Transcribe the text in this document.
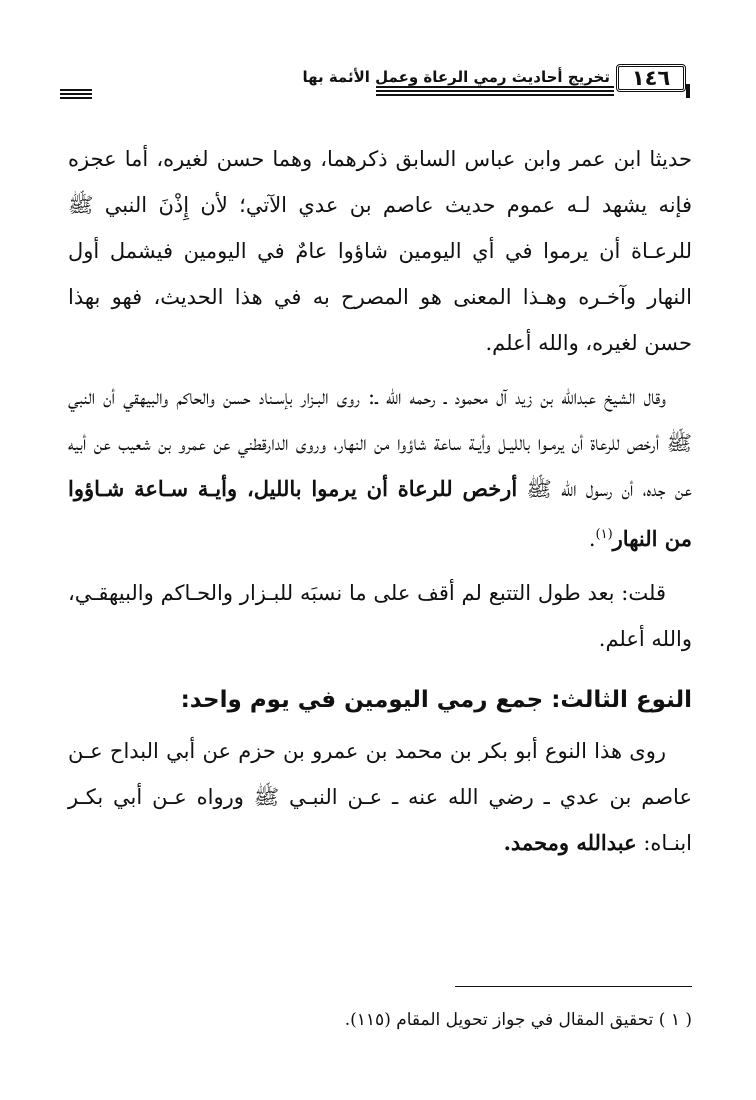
تخريج أحاديث رمي الرعاة وعمل الأئمة بها ١٤٦

حديثا ابن عمر وابن عباس السابق ذكرهما، وهما حسن لغيره، أما عجزه فإنه يشهد لـه عموم حديث عاصم بن عدي الآتي؛ لأن إِذْنَ النبي ﷺ للرعـاة أن يرموا في أي اليومين شاؤوا عامٌ في اليومين فيشمل أول النهار وآخـره وهـذا المعنى هو المصرح به في هذا الحديث، فهو بهذا حسن لغيره، والله أعلم.

وقال الشيخ عبدالله بن زيد آل محمود ـ رحمه الله ـ: روى البـزار بإسـناد حسن والحاكم والبيهقي أن النبي ﷺ أرخص للرعاة أن يرمـوا بالليـل وأيـة ساعة شاؤوا من النهار، وروى الدارقطني عن عمرو بن شعيب عن أبيه عن جده، أن رسول الله ﷺ أرخص للرعاة أن يرموا بالليل، وأيـة سـاعة شـاؤوا من النهار$^{(١)}$.

قلت: بعد طول التتبع لم أقف على ما نسبَه للبـزار والحـاكم والبيهقـي، والله أعلم.

النوع الثالث: جمع رمي اليومين في يوم واحد:

روى هذا النوع أبو بكر بن محمد بن عمرو بن حزم عن أبي البداح عـن عاصم بن عدي ـ رضي الله عنه ـ عـن النبـي ﷺ ورواه عـن أبي بكـر ابنـاه: عبدالله ومحمد.

( ١ ) تحقيق المقال في جواز تحويل المقام (١١٥).
